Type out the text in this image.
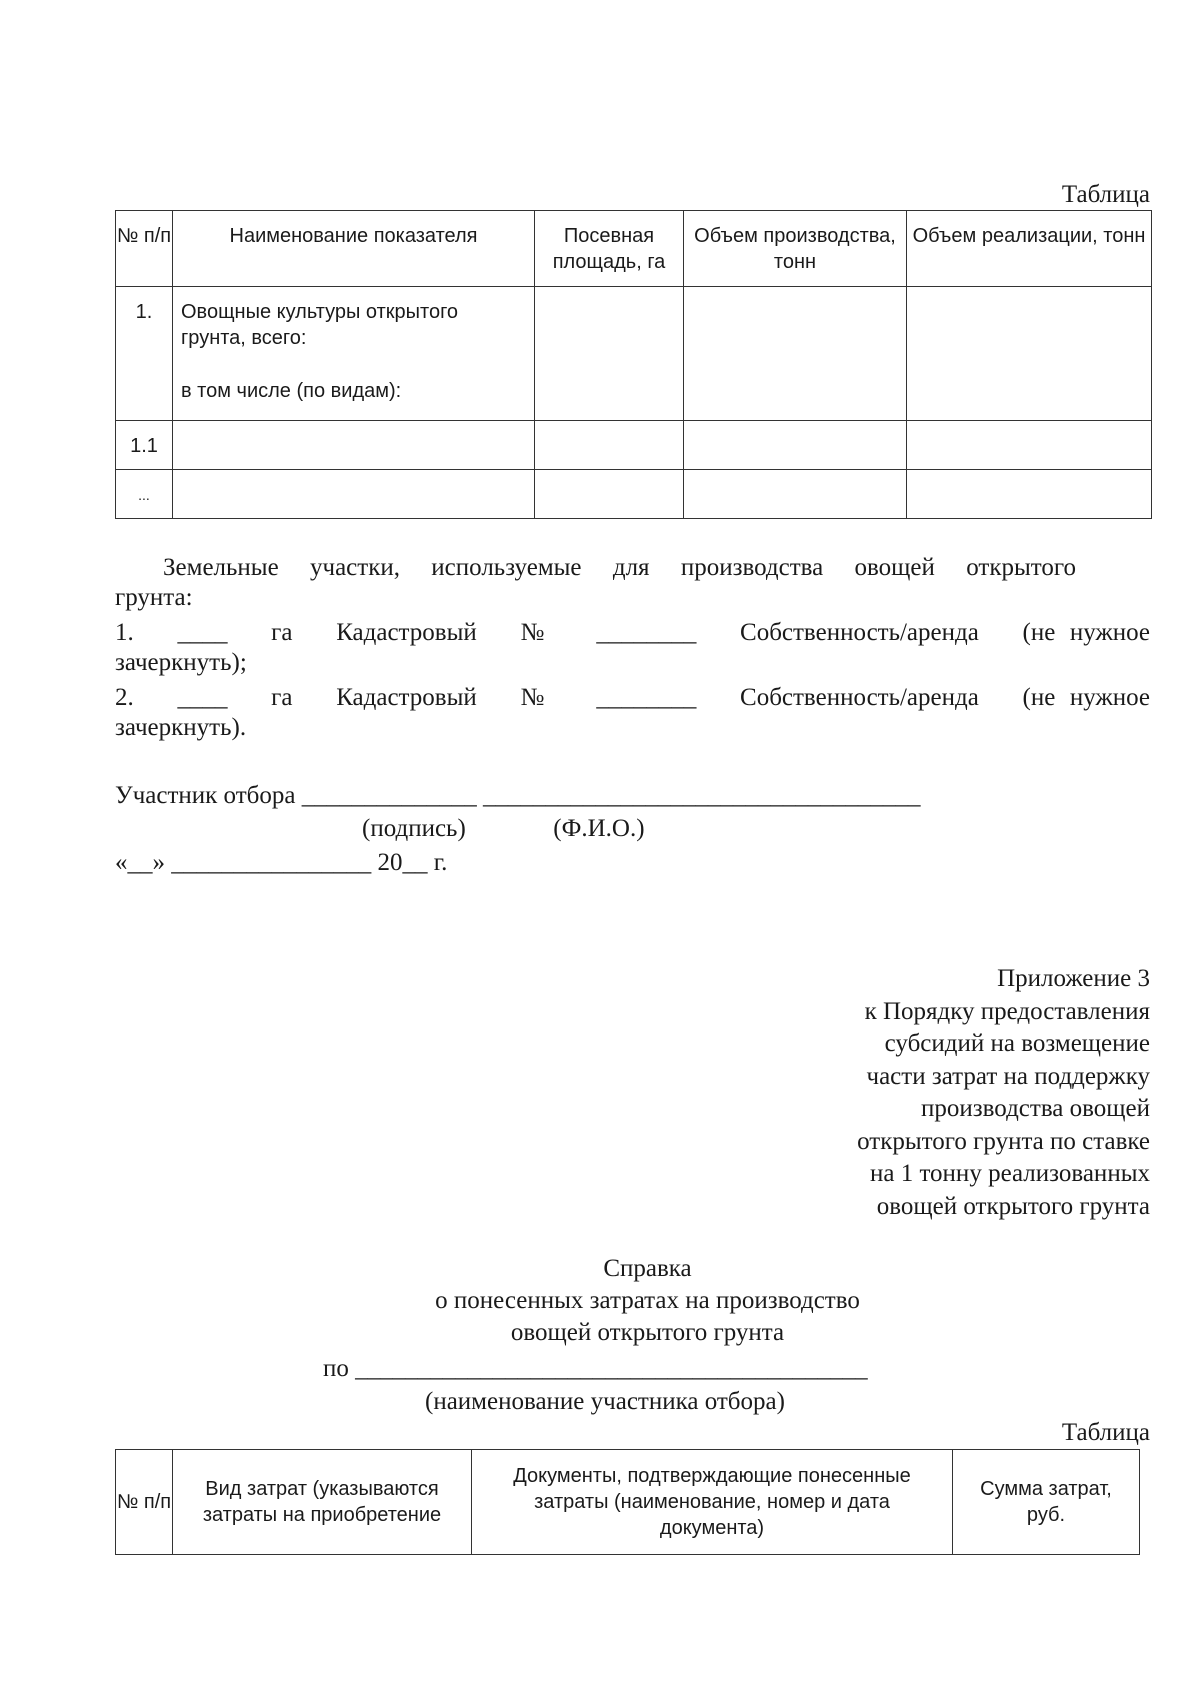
Таблица
№ п/п	Наименование показателя	Посевная площадь, га	Объем производства, тонн	Объем реализации, тонн
1.	Овощные культуры открытого грунта, всего:
в том числе (по видам):			

1.1				
...				
Земельные участки, используемые для производства овощей открытого
грунта:
1.   ____   га   Кадастровый   №   ________   Собственность/аренда   (не нужное
зачеркнуть);
2.   ____   га   Кадастровый   №   ________   Собственность/аренда   (не нужное
зачеркнуть).
Участник отбора ______________ ___________________________________
(подпись)              (Ф.И.О.)
«__» ________________ 20__ г.
Приложение 3
к Порядку предоставления
субсидий на возмещение
части затрат на поддержку
производства овощей
открытого грунта по ставке
на 1 тонну реализованных
овощей открытого грунта
Справка
о понесенных затратах на производство
овощей открытого грунта
по _________________________________________
(наименование участника отбора)
Таблица
№ п/п	Вид затрат (указываются затраты на приобретение	Документы, подтверждающие понесенные затраты (наименование, номер и дата документа)	Сумма затрат, руб.
